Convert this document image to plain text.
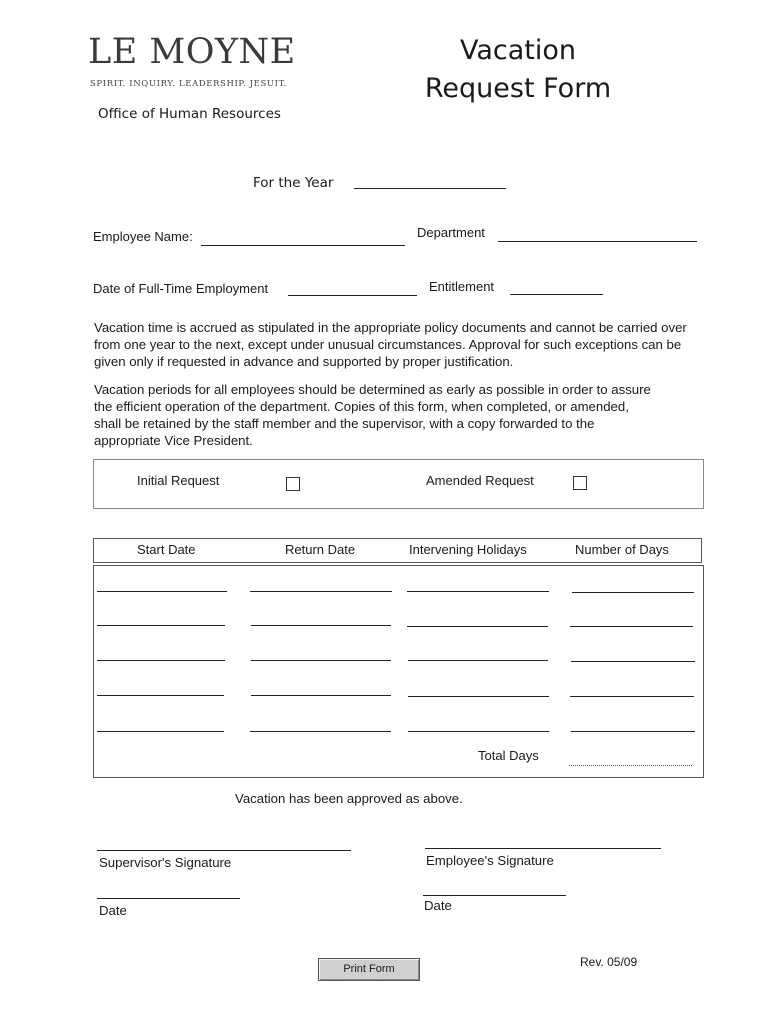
LE MOYNE
SPIRIT. INQUIRY. LEADERSHIP. JESUIT.
Office of Human Resources
Vacation
Request Form
For the Year
Employee Name:	Department
Date of Full-Time Employment	Entitlement
Vacation time is accrued as stipulated in the appropriate policy documents and cannot be carried over from one year to the next, except under unusual circumstances. Approval for such exceptions can be given only if requested in advance and supported by proper justification.
Vacation periods for all employees should be determined as early as possible in order to assure the efficient operation of the department. Copies of this form, when completed, or amended, shall be retained by the staff member and the supervisor, with a copy forwarded to the appropriate Vice President.
Initial Request	Amended Request
Start Date	Return Date	Intervening Holidays	Number of Days
Total Days
Vacation has been approved as above.
Supervisor's Signature	Employee's Signature
Date	Date
Print Form	Rev. 05/09
